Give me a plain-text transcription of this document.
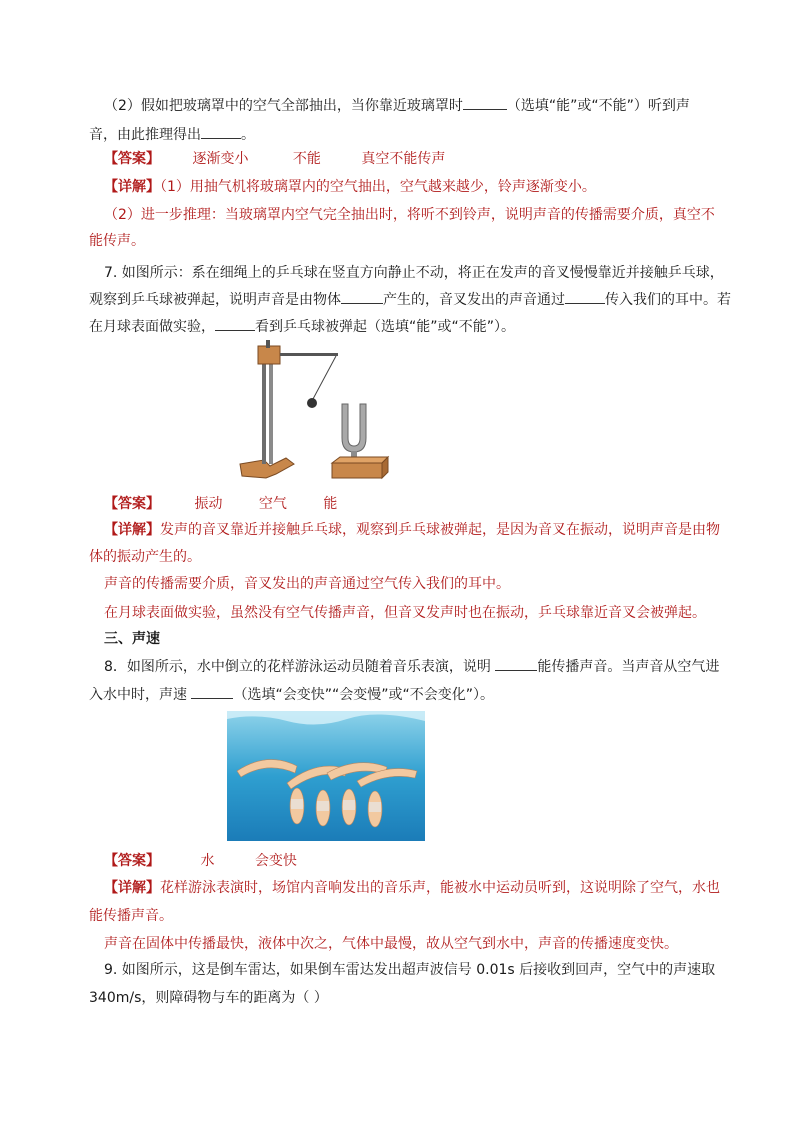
（2）假如把玻璃罩中的空气全部抽出，当你靠近玻璃罩时	（选填“能”或“不能”）听到声
音，由此推理得出	。
【答案】 逐渐变小	不能	真空不能传声
【详解】（1）用抽气机将玻璃罩内的空气抽出，空气越来越少，铃声逐渐变小。
（2）进一步推理：当玻璃罩内空气完全抽出时，将听不到铃声，说明声音的传播需要介质，真空不
能传声。
7. 如图所示：系在细绳上的乒乓球在竖直方向静止不动，将正在发声的音叉慢慢靠近并接触乒乓球，
观察到乒乓球被弹起，说明声音是由物体	产生的，音叉发出的声音通过	传入我们的耳中。若
在月球表面做实验，	看到乒乓球被弹起（选填“能”或“不能”）。
【答案】 振动	空气	能
【详解】发声的音叉靠近并接触乒乓球，观察到乒乓球被弹起，是因为音叉在振动，说明声音是由物
体的振动产生的。
声音的传播需要介质，音叉发出的声音通过空气传入我们的耳中。
在月球表面做实验，虽然没有空气传播声音，但音叉发声时也在振动，乒乓球靠近音叉会被弹起。
三、声速
8．如图所示，水中倒立的花样游泳运动员随着音乐表演，说明	能传播声音。当声音从空气进
入水中时，声速	（选填“会变快”“会变慢”或“不会变化”）。
【答案】	水	会变快
【详解】花样游泳表演时，场馆内音响发出的音乐声，能被水中运动员听到，这说明除了空气，水也
能传播声音。
声音在固体中传播最快，液体中次之，气体中最慢，故从空气到水中，声音的传播速度变快。
9. 如图所示，这是倒车雷达，如果倒车雷达发出超声波信号 0.01s 后接收到回声，空气中的声速取
340m/s，则障碍物与车的距离为（ ）
